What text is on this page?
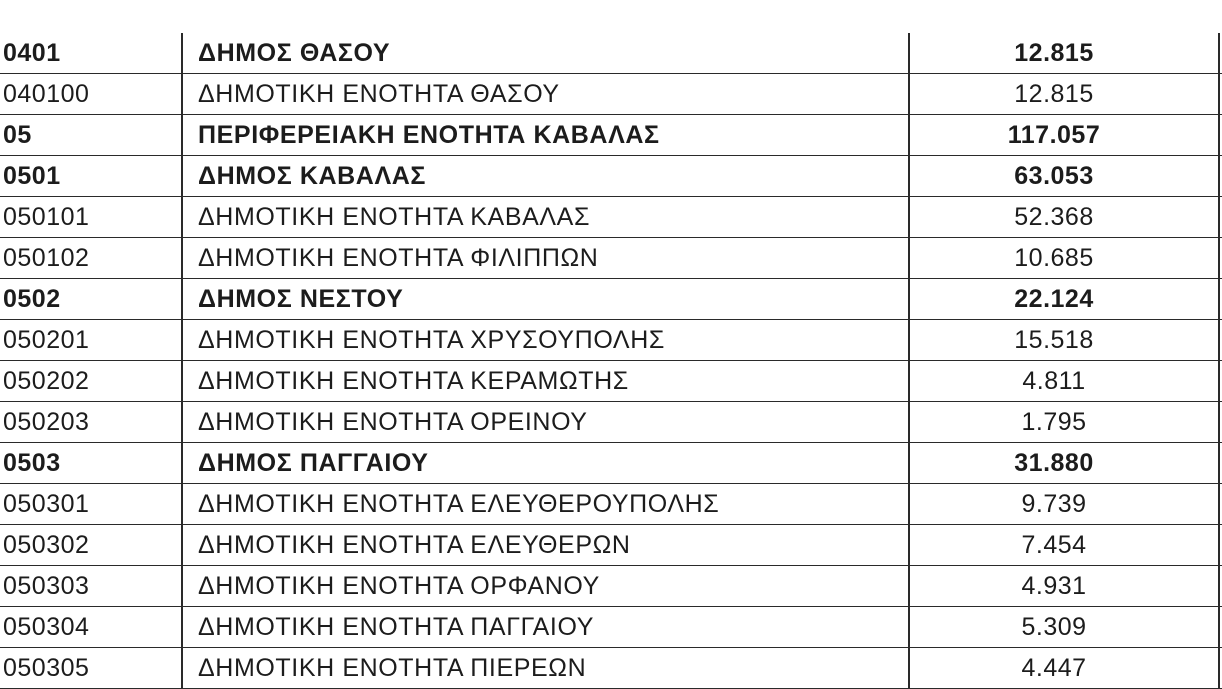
0401	ΔΗΜΟΣ ΘΑΣΟΥ	12.815	
040100	ΔΗΜΟΤΙΚΗ ΕΝΟΤΗΤΑ ΘΑΣΟΥ	12.815	
05	ΠΕΡΙΦΕΡΕΙΑΚΗ ΕΝΟΤΗΤΑ ΚΑΒΑΛΑΣ	117.057	
0501	ΔΗΜΟΣ ΚΑΒΑΛΑΣ	63.053	
050101	ΔΗΜΟΤΙΚΗ ΕΝΟΤΗΤΑ ΚΑΒΑΛΑΣ	52.368	
050102	ΔΗΜΟΤΙΚΗ ΕΝΟΤΗΤΑ ΦΙΛΙΠΠΩΝ	10.685	
0502	ΔΗΜΟΣ ΝΕΣΤΟΥ	22.124	
050201	ΔΗΜΟΤΙΚΗ ΕΝΟΤΗΤΑ ΧΡΥΣΟΥΠΟΛΗΣ	15.518	
050202	ΔΗΜΟΤΙΚΗ ΕΝΟΤΗΤΑ ΚΕΡΑΜΩΤΗΣ	4.811	
050203	ΔΗΜΟΤΙΚΗ ΕΝΟΤΗΤΑ ΟΡΕΙΝΟΥ	1.795	
0503	ΔΗΜΟΣ ΠΑΓΓΑΙΟΥ	31.880	
050301	ΔΗΜΟΤΙΚΗ ΕΝΟΤΗΤΑ ΕΛΕΥΘΕΡΟΥΠΟΛΗΣ	9.739	
050302	ΔΗΜΟΤΙΚΗ ΕΝΟΤΗΤΑ ΕΛΕΥΘΕΡΩΝ	7.454	
050303	ΔΗΜΟΤΙΚΗ ΕΝΟΤΗΤΑ ΟΡΦΑΝΟΥ	4.931	
050304	ΔΗΜΟΤΙΚΗ ΕΝΟΤΗΤΑ ΠΑΓΓΑΙΟΥ	5.309	
050305	ΔΗΜΟΤΙΚΗ ΕΝΟΤΗΤΑ ΠΙΕΡΕΩΝ	4.447	
